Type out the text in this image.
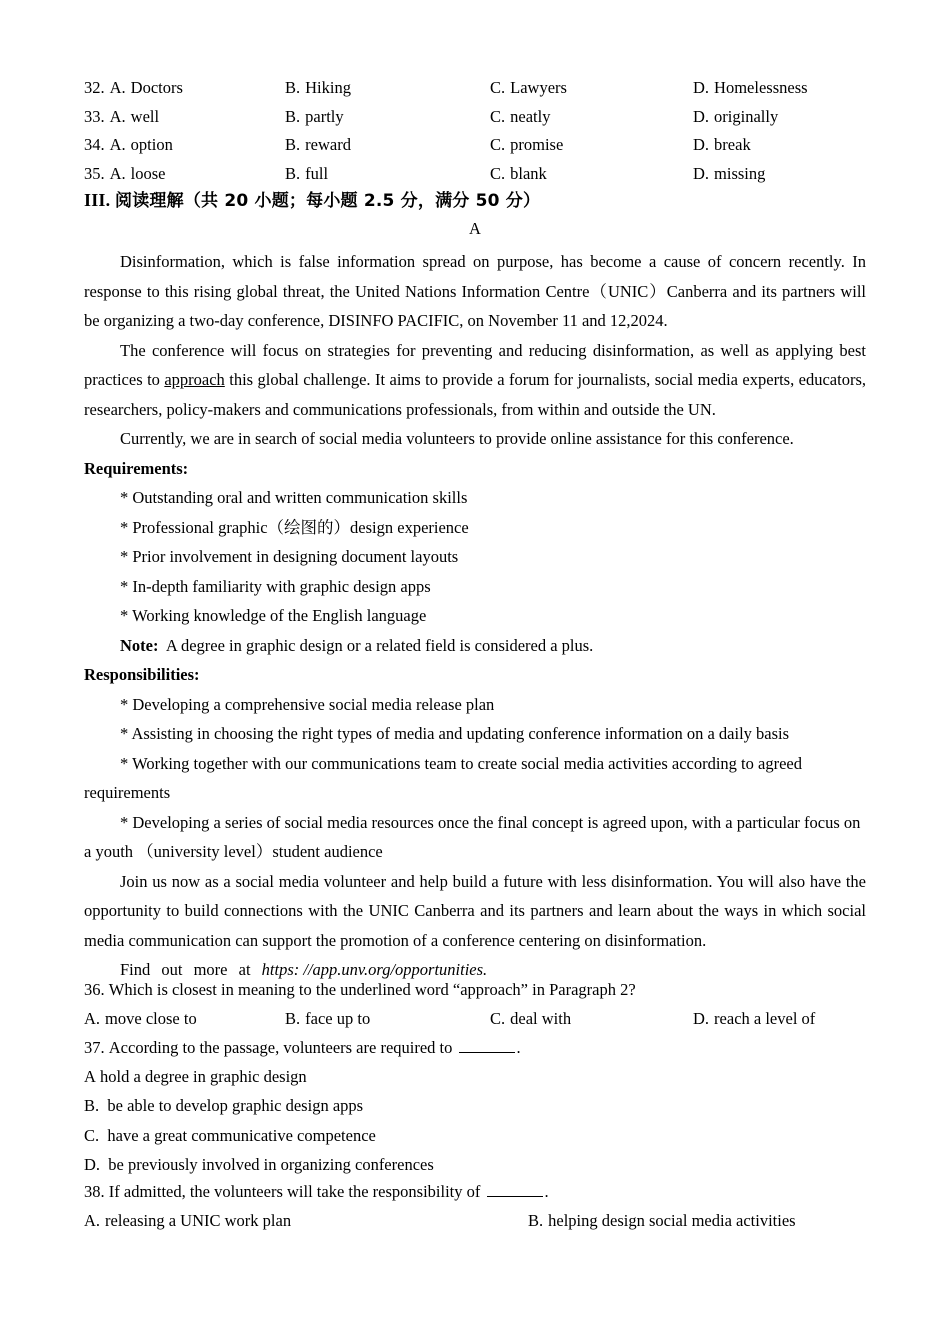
32. A. Doctors	B. Hiking	C. Lawyers	D. Homelessness
33. A. well	B. partly	C. neatly	D. originally
34. A. option	B. reward	C. promise	D. break
35. A. loose	B. full	C. blank	D. missing
III. 阅读理解（共 20 小题；每小题 2.5 分，满分 50 分）
A

Disinformation, which is false information spread on purpose, has become a cause of concern recently. In response to this rising global threat, the United Nations Information Centre（UNIC）Canberra and its partners will be organizing a two-day conference, DISINFO PACIFIC, on November 11 and 12,2024.

The conference will focus on strategies for preventing and reducing disinformation, as well as applying best practices to approach this global challenge. It aims to provide a forum for journalists, social media experts, educators, researchers, policy-makers and communications professionals, from within and outside the UN.

Currently, we are in search of social media volunteers to provide online assistance for this conference.

Requirements:

* Outstanding oral and written communication skills

* Professional graphic（绘图的）design experience

* Prior involvement in designing document layouts

* In-depth familiarity with graphic design apps

* Working knowledge of the English language

Note: A degree in graphic design or a related field is considered a plus.

Responsibilities:

* Developing a comprehensive social media release plan

* Assisting in choosing the right types of media and updating conference information on a daily basis

* Working together with our communications team to create social media activities according to agreed requirements

* Developing a series of social media resources once the final concept is agreed upon, with a particular focus on a youth （university level）student audience

Join us now as a social media volunteer and help build a future with less disinformation. You will also have the opportunity to build connections with the UNIC Canberra and its partners and learn about the ways in which social media communication can support the promotion of a conference centering on disinformation.

Find out more at https: //app.unv.org/opportunities.

36. Which is closest in meaning to the underlined word “approach” in Paragraph 2?

A. move close to	B. face up to	C. deal with	D. reach a level of

37. According to the passage, volunteers are required to	.

A hold a degree in graphic design

B. be able to develop graphic design apps

C. have a great communicative competence

D. be previously involved in organizing conferences

38. If admitted, the volunteers will take the responsibility of	.

A. releasing a UNIC work plan	B. helping design social media activities
